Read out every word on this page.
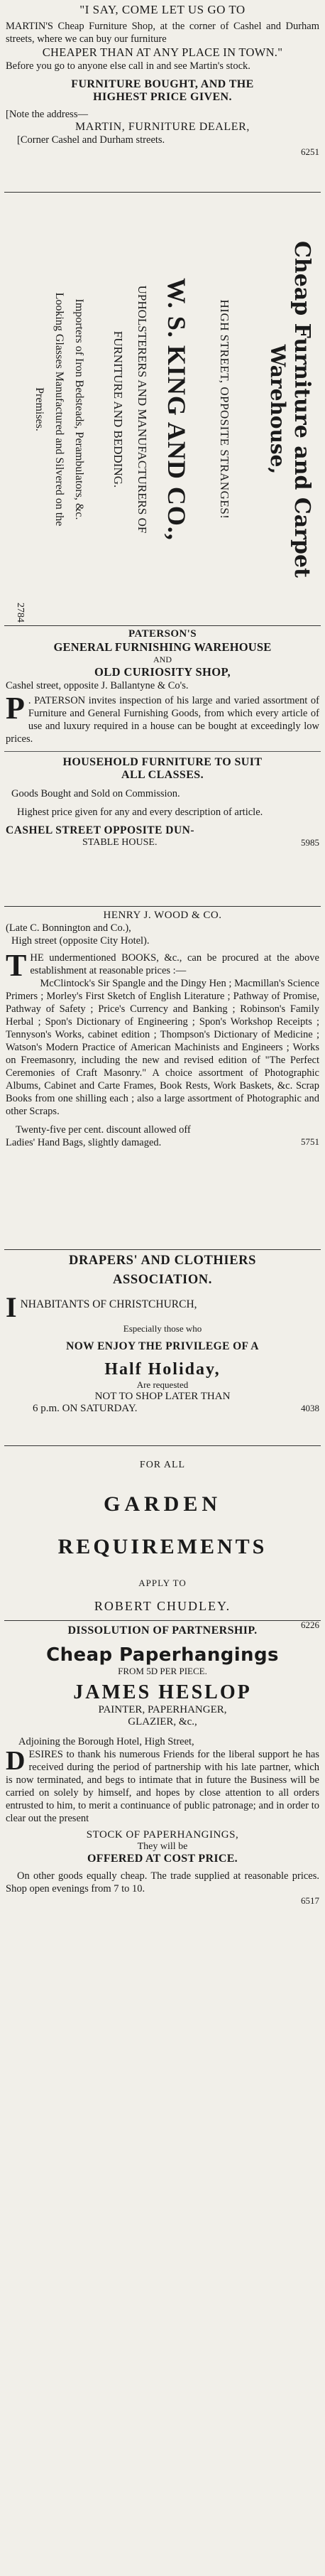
"I SAY, COME LET US GO TO

MARTIN'S Cheap Furniture Shop, at the corner of Cashel and Durham streets, where we can buy our furniture

CHEAPER THAN AT ANY PLACE IN TOWN."

Before you go to anyone else call in and see Martin's stock.

FURNITURE BOUGHT, AND THE

HIGHEST PRICE GIVEN.

[Note the address—

MARTIN, FURNITURE DEALER,

[Corner Cashel and Durham streets.

6251

Cheap Furniture and Carpet

Warehouse,

HIGH STREET, OPPOSITE STRANGES!

W. S. KING AND CO.,

UPHOLSTERERS AND MANUFACTURERS OF

FURNITURE AND BEDDING.

Importers of Iron Bedsteads, Perambulators, &c.

Looking Glasses Manufactured and Silvered on the

Premises.

2784

PATERSON'S

GENERAL FURNISHING WAREHOUSE

AND

OLD CURIOSITY SHOP,

Cashel street, opposite J. Ballantyne & Co's.

P . PATERSON invites inspection of his large and varied assortment of Furniture and General Furnishing Goods, from which every article of use and luxury required in a house can be bought at exceedingly low prices.

HOUSEHOLD FURNITURE TO SUIT

ALL CLASSES.

Goods Bought and Sold on Commission.

Highest price given for any and every description of article.

CASHEL STREET OPPOSITE DUN-

STABLE HOUSE.	5985

HENRY J. WOOD & CO.

(Late C. Bonnington and Co.),

High street (opposite City Hotel).

T HE undermentioned BOOKS, &c., can be procured at the above establishment at reasonable prices :—

McClintock's Sir Spangle and the Dingy Hen ; Macmillan's Science Primers ; Morley's First Sketch of English Literature ; Pathway of Promise, Pathway of Safety ; Price's Currency and Banking ; Robinson's Family Herbal ; Spon's Dictionary of Engineering ; Spon's Workshop Receipts ; Tennyson's Works, cabinet edition ; Thompson's Dictionary of Medicine ; Watson's Modern Practice of American Machinists and Engineers ; Works on Freemasonry, including the new and revised edition of "The Perfect Ceremonies of Craft Masonry." A choice assortment of Photographic Albums, Cabinet and Carte Frames, Book Rests, Work Baskets, &c. Scrap Books from one shilling each ; also a large assortment of Photographic and other Scraps.

Twenty-five per cent. discount allowed off

Ladies' Hand Bags, slightly damaged.	5751

DRAPERS' AND CLOTHIERS

ASSOCIATION.

I NHABITANTS OF CHRISTCHURCH,

Especially those who

NOW ENJOY THE PRIVILEGE OF A

Half Holiday,

Are requested

NOT TO SHOP LATER THAN

6 p.m. ON SATURDAY.	4038

FOR ALL

GARDEN

REQUIREMENTS

APPLY TO

ROBERT CHUDLEY.

6226

DISSOLUTION OF PARTNERSHIP.

Cheap Paperhangings

FROM 5D PER PIECE.

JAMES HESLOP

PAINTER, PAPERHANGER,

GLAZIER, &c.,

Adjoining the Borough Hotel, High Street,

D ESIRES to thank his numerous Friends for the liberal support he has received during the period of partnership with his late partner, which is now terminated, and begs to intimate that in future the Business will be carried on solely by himself, and hopes by close attention to all orders entrusted to him, to merit a continuance of public patronage; and in order to clear out the present

STOCK OF PAPERHANGINGS,

They will be

OFFERED AT COST PRICE.

On other goods equally cheap. The trade supplied at reasonable prices. Shop open evenings from 7 to 10.

6517
